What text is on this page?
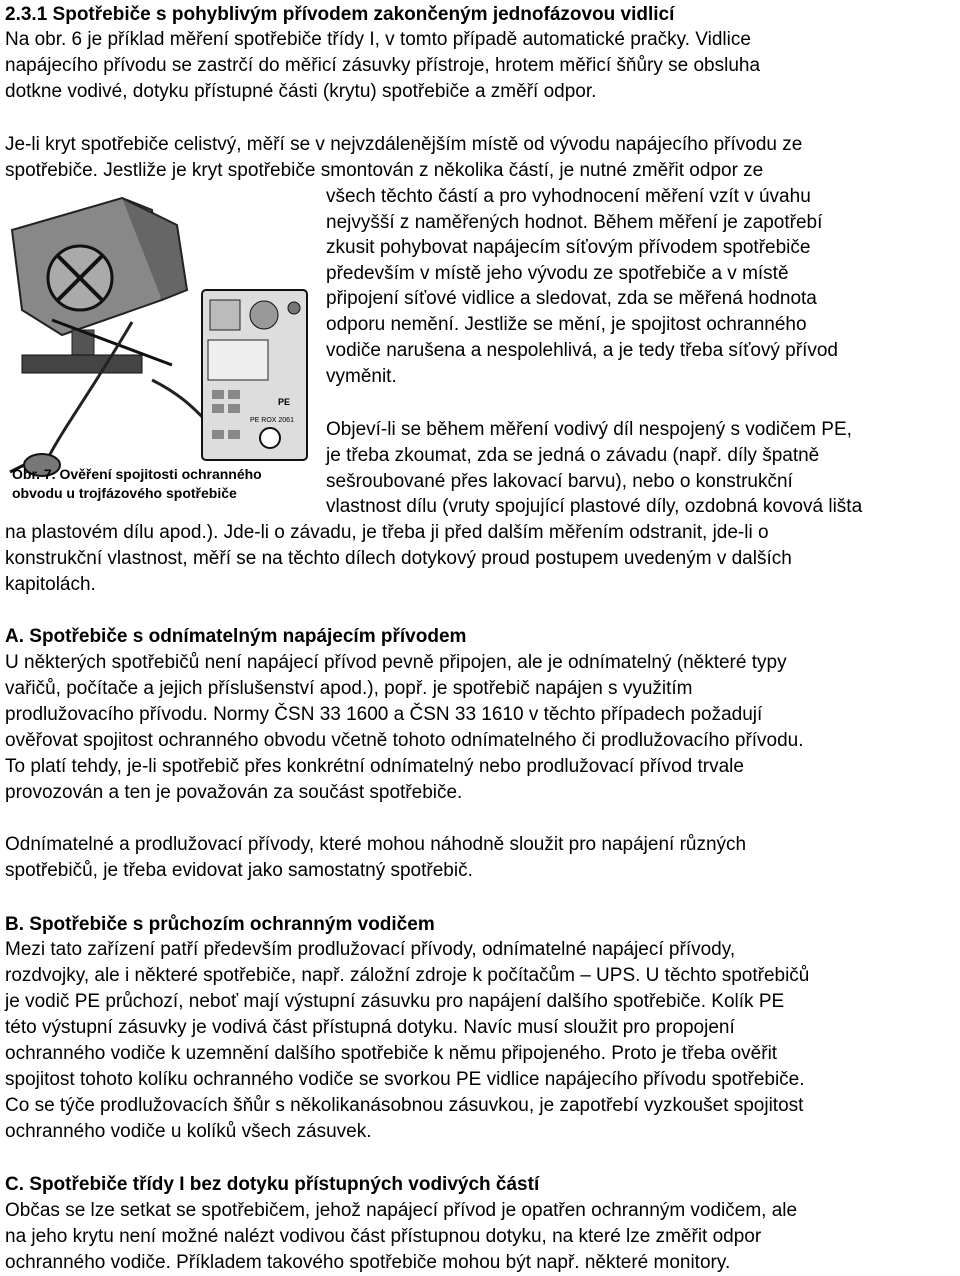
2.3.1 Spotřebiče s pohyblivým přívodem zakončeným jednofázovou vidlicí
Na obr. 6 je příklad měření spotřebiče třídy I, v tomto případě automatické pračky. Vidlice
napájecího přívodu se zastrčí do měřicí zásuvky přístroje, hrotem měřicí šňůry se obsluha
dotkne vodivé, dotyku přístupné části (krytu) spotřebiče a změří odpor.
Je-li kryt spotřebiče celistvý, měří se v nejvzdálenějším místě od vývodu napájecího přívodu ze
spotřebiče. Jestliže je kryt spotřebiče smontován z několika částí, je nutné změřit odpor ze
všech těchto částí a pro vyhodnocení měření vzít v úvahu
nejvyšší z naměřených hodnot. Během měření je zapotřebí
zkusit pohybovat napájecím síťovým přívodem spotřebiče
především v místě jeho vývodu ze spotřebiče a v místě
připojení síťové vidlice a sledovat, zda se měřená hodnota
odporu nemění. Jestliže se mění, je spojitost ochranného
vodiče narušena a nespolehlivá, a je tedy třeba síťový přívod
vyměnit.
Objeví-li se během měření vodivý díl nespojený s vodičem PE,
je třeba zkoumat, zda se jedná o závadu (např. díly špatně
sešroubované přes lakovací barvu), nebo o konstrukční
vlastnost dílu (vruty spojující plastové díly, ozdobná kovová lišta
na plastovém dílu apod.). Jde-li o závadu, je třeba ji před dalším měřením odstranit, jde-li o
konstrukční vlastnost, měří se na těchto dílech dotykový proud postupem uvedeným v dalších
kapitolách.
A. Spotřebiče s odnímatelným napájecím přívodem
U některých spotřebičů není napájecí přívod pevně připojen, ale je odnímatelný (některé typy
vařičů, počítače a jejich příslušenství apod.), popř. je spotřebič napájen s využitím
prodlužovacího přívodu. Normy ČSN 33 1600 a ČSN 33 1610 v těchto případech požadují
ověřovat spojitost ochranného obvodu včetně tohoto odnímatelného či prodlužovacího přívodu.
To platí tehdy, je-li spotřebič přes konkrétní odnímatelný nebo prodlužovací přívod trvale
provozován a ten je považován za součást spotřebiče.
Odnímatelné a prodlužovací přívody, které mohou náhodně sloužit pro napájení různých
spotřebičů, je třeba evidovat jako samostatný spotřebič.
B. Spotřebiče s průchozím ochranným vodičem
Mezi tato zařízení patří především prodlužovací přívody, odnímatelné napájecí přívody,
rozdvojky, ale i některé spotřebiče, např. záložní zdroje k počítačům – UPS. U těchto spotřebičů
je vodič PE průchozí, neboť mají výstupní zásuvku pro napájení dalšího spotřebiče. Kolík PE
této výstupní zásuvky je vodivá část přístupná dotyku. Navíc musí sloužit pro propojení
ochranného vodiče k uzemnění dalšího spotřebiče k němu připojeného. Proto je třeba ověřit
spojitost tohoto kolíku ochranného vodiče se svorkou PE vidlice napájecího přívodu spotřebiče.
Co se týče prodlužovacích šňůr s několikanásobnou zásuvkou, je zapotřebí vyzkoušet spojitost
ochranného vodiče u kolíků všech zásuvek.
C. Spotřebiče třídy I bez dotyku přístupných vodivých částí
Občas se lze setkat se spotřebičem, jehož napájecí přívod je opatřen ochranným vodičem, ale
na jeho krytu není možné nalézt vodivou část přístupnou dotyku, na které lze změřit odpor
ochranného vodiče. Příkladem takového spotřebiče mohou být např. některé monitory.
PE
PE ROX 2061
Obr. 7. Ověření spojitosti ochranného
obvodu u trojfázového spotřebiče
